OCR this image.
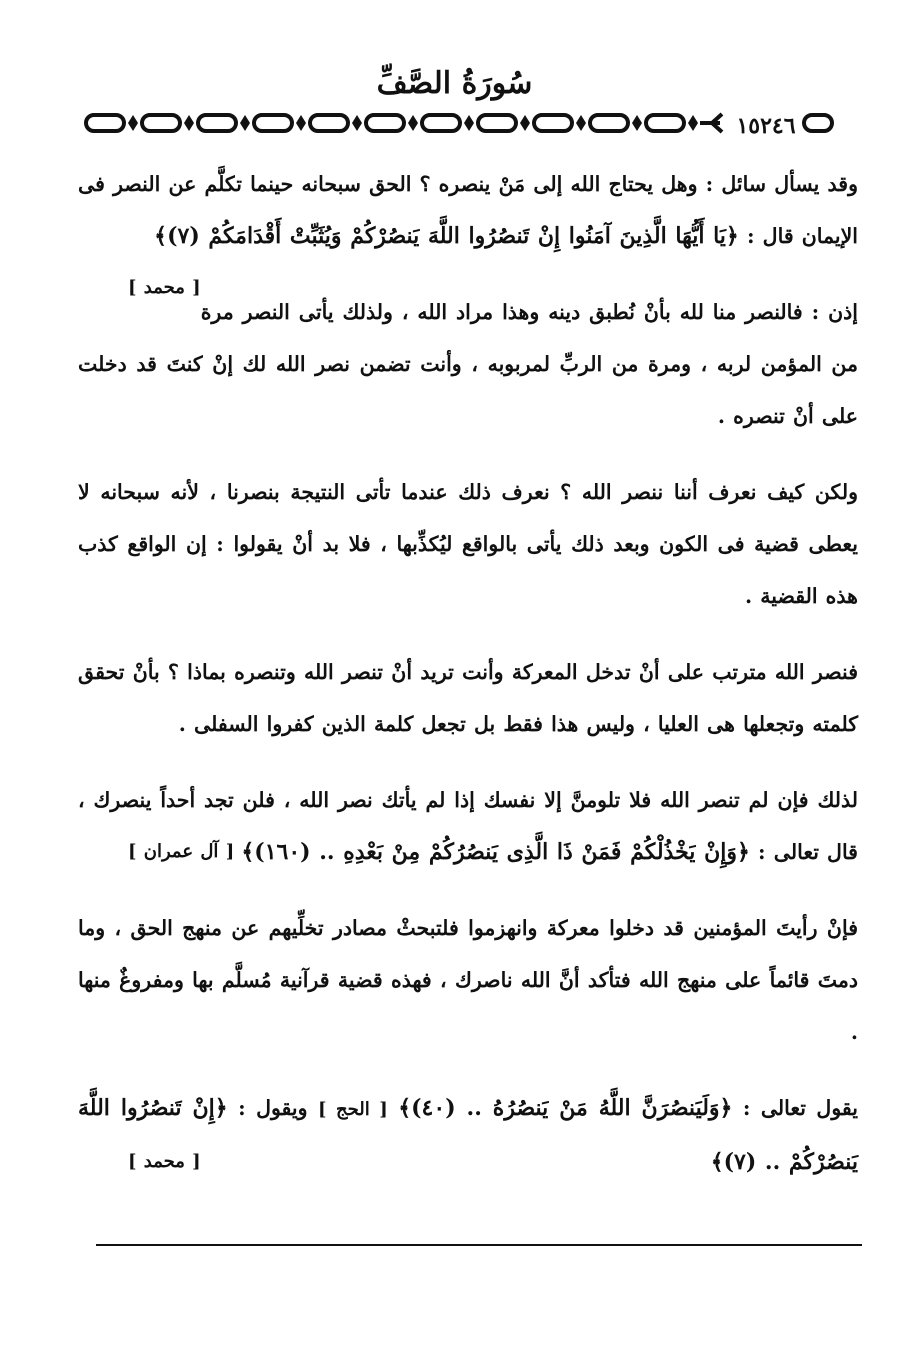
سُورَةُ الصَّفِّ
١٥٢٤٦

وقد يسأل سائل : وهل يحتاج الله إلى مَنْ ينصره ؟ الحق سبحانه حينما تكلَّم عن النصر فى الإيمان قال : ﴿يَا أَيُّهَا الَّذِينَ آمَنُوا إِنْ تَنصُرُوا اللَّهَ يَنصُرْكُمْ وَيُثَبِّتْ أَقْدَامَكُمْ (٧)﴾
[ محمد ]

إذن : فالنصر منا لله بأنْ نُطبق دينه وهذا مراد الله ، ولذلك يأتى النصر مرة من المؤمن لربه ، ومرة من الربِّ لمربوبه ، وأنت تضمن نصر الله لك إنْ كنتَ قد دخلت على أنْ تنصره .

ولكن كيف نعرف أننا ننصر الله ؟ نعرف ذلك عندما تأتى النتيجة بنصرنا ، لأنه سبحانه لا يعطى قضية فى الكون وبعد ذلك يأتى بالواقع ليُكذِّبها ، فلا بد أنْ يقولوا : إن الواقع كذب هذه القضية .

فنصر الله مترتب على أنْ تدخل المعركة وأنت تريد أنْ تنصر الله وتنصره بماذا ؟ بأنْ تحقق كلمته وتجعلها هى العليا ، وليس هذا فقط بل تجعل كلمة الذين كفروا السفلى .

لذلك فإن لم تنصر الله فلا تلومنَّ إلا نفسك إذا لم يأتك نصر الله ، فلن تجد أحداً ينصرك ، قال تعالى : ﴿وَإِنْ يَخْذُلْكُمْ فَمَنْ ذَا الَّذِى يَنصُرُكُمْ مِنْ بَعْدِهِ .. (١٦٠)﴾
[ آل عمران ]

فإنْ رأيتَ المؤمنين قد دخلوا معركة وانهزموا فلتبحثْ مصادر تخلِّيهم عن منهج الحق ، وما دمتَ قائماً على منهج الله فتأكد أنَّ الله ناصرك ، فهذه قضية قرآنية مُسلَّم بها ومفروغٌ منها .

يقول تعالى : ﴿وَلَيَنصُرَنَّ اللَّهُ مَنْ يَنصُرُهُ .. (٤٠)﴾ [ الحج ] ويقول : ﴿إِنْ تَنصُرُوا اللَّهَ يَنصُرْكُمْ .. (٧)﴾
[ محمد ]
